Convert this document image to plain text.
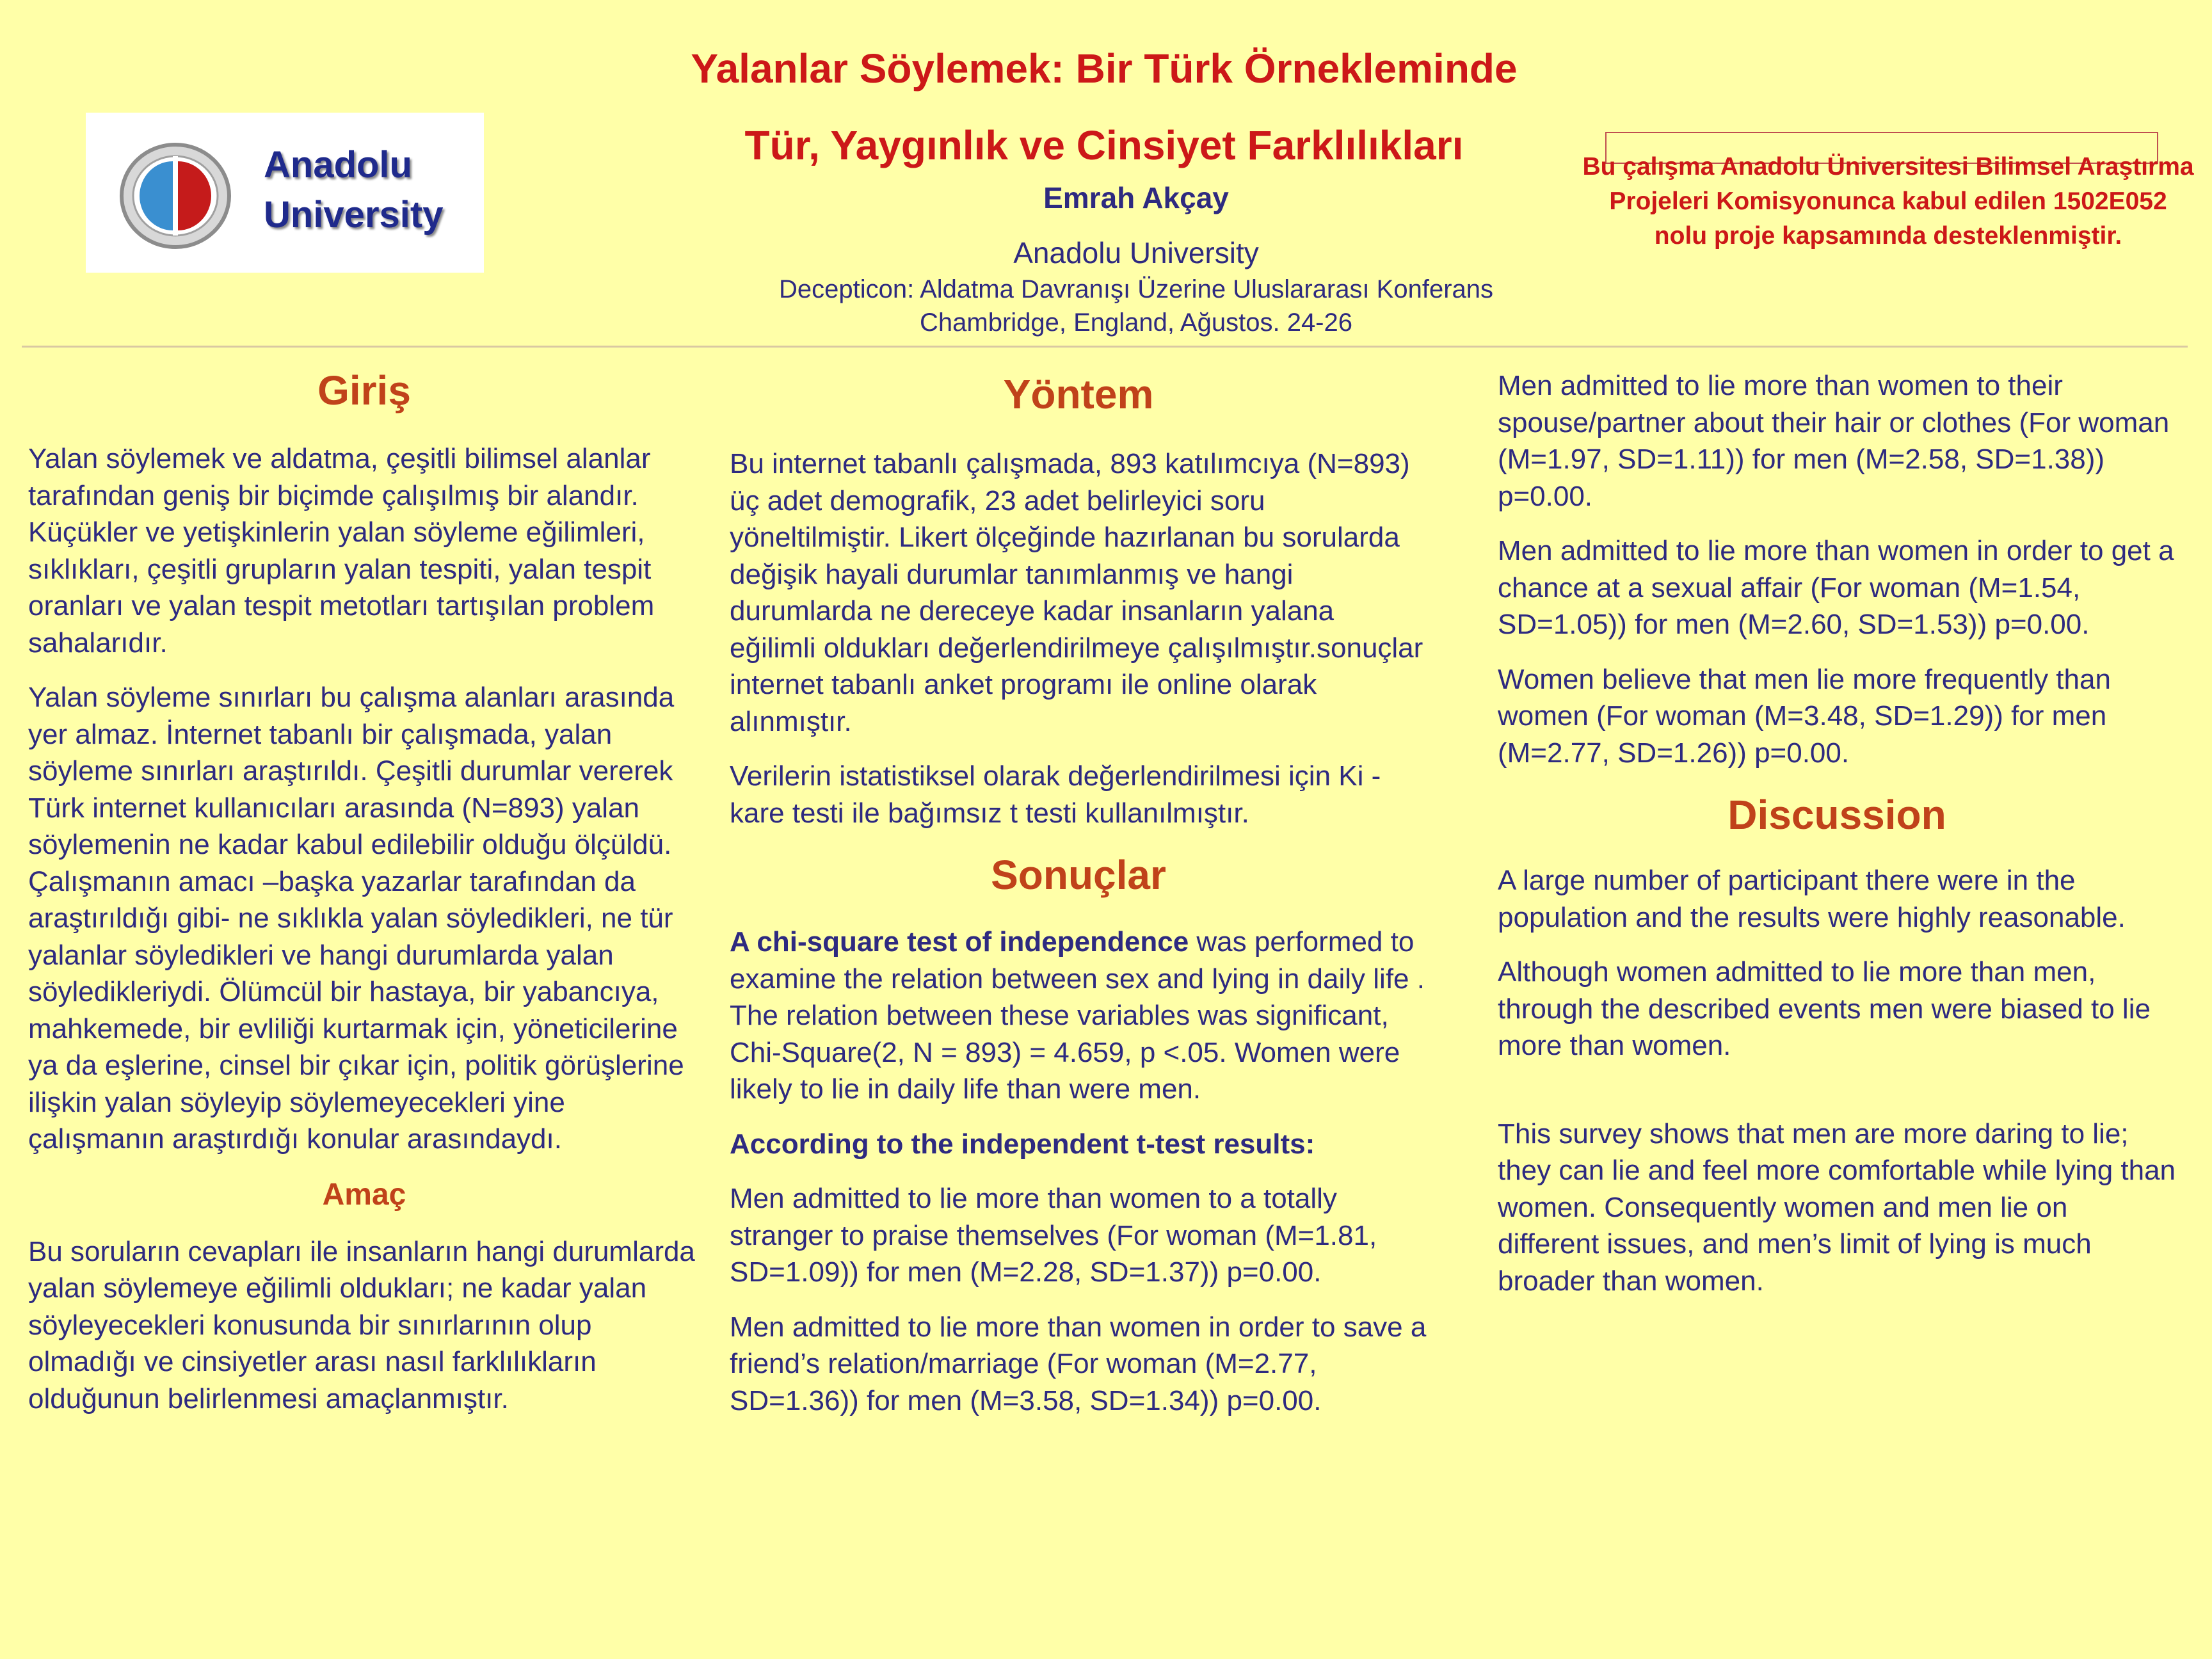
Anadolu
University
Yalanlar Söylemek: Bir Türk Örnekleminde
Tür, Yaygınlık ve Cinsiyet Farklılıkları
Emrah Akçay
Anadolu University
Decepticon: Aldatma Davranışı Üzerine Uluslararası Konferans
Chambridge, England, Ağustos. 24-26
Bu çalışma Anadolu Üniversitesi Bilimsel Araştırma Projeleri Komisyonunca kabul edilen 1502E052 nolu proje kapsamında desteklenmiştir.
Giriş

Yalan söylemek ve aldatma, çeşitli bilimsel alanlar tarafından geniş bir biçimde çalışılmış bir alandır. Küçükler ve yetişkinlerin yalan söyleme eğilimleri, sıklıkları, çeşitli grupların yalan tespiti, yalan tespit oranları ve yalan tespit metotları tartışılan problem sahalarıdır.

Yalan söyleme sınırları bu çalışma alanları arasında yer almaz. İnternet tabanlı bir çalışmada, yalan söyleme sınırları araştırıldı. Çeşitli durumlar vererek Türk internet kullanıcıları arasında (N=893) yalan söylemenin ne kadar kabul edilebilir olduğu ölçüldü. Çalışmanın amacı –başka yazarlar tarafından da araştırıldığı gibi- ne sıklıkla yalan söyledikleri, ne tür yalanlar söyledikleri ve hangi durumlarda yalan söyledikleriydi. Ölümcül bir hastaya, bir yabancıya, mahkemede, bir evliliği kurtarmak için, yöneticilerine ya da eşlerine, cinsel bir çıkar için, politik görüşlerine ilişkin yalan söyleyip söylemeyecekleri yine çalışmanın araştırdığı konular arasındaydı.

Amaç

Bu soruların cevapları ile insanların hangi durumlarda yalan söylemeye eğilimli oldukları; ne kadar yalan söyleyecekleri konusunda bir sınırlarının olup olmadığı ve cinsiyetler arası nasıl farklılıkların olduğunun belirlenmesi amaçlanmıştır.

Yöntem

Bu internet tabanlı çalışmada, 893 katılımcıya (N=893) üç adet demografik, 23 adet belirleyici soru yöneltilmiştir. Likert ölçeğinde hazırlanan bu sorularda değişik hayali durumlar tanımlanmış ve hangi durumlarda ne dereceye kadar insanların yalana eğilimli oldukları değerlendirilmeye çalışılmıştır.sonuçlar internet tabanlı anket programı ile online olarak alınmıştır.

Verilerin istatistiksel olarak değerlendirilmesi için Ki -kare testi ile bağımsız t testi kullanılmıştır.

Sonuçlar

A chi-square test of independence was performed to examine the relation between sex and lying in daily life . The relation between these variables was significant, Chi-Square(2, N = 893) = 4.659, p <.05. Women were likely to lie in daily life than were men.

According to the independent t-test results:

Men admitted to lie more than women to a totally stranger to praise themselves (For woman (M=1.81, SD=1.09)) for men (M=2.28, SD=1.37)) p=0.00.

Men admitted to lie more than women in order to save a friend’s relation/marriage (For woman (M=2.77, SD=1.36)) for men (M=3.58, SD=1.34)) p=0.00.

Men admitted to lie more than women to their spouse/partner about their hair or clothes (For woman (M=1.97, SD=1.11)) for men (M=2.58, SD=1.38)) p=0.00.

Men admitted to lie more than women in order to get a chance at a sexual affair (For woman (M=1.54, SD=1.05)) for men (M=2.60, SD=1.53)) p=0.00.

Women believe that men lie more frequently than women (For woman (M=3.48, SD=1.29)) for men (M=2.77, SD=1.26)) p=0.00.

Discussion

A large number of participant there were in the population and the results were highly reasonable.

Although women admitted to lie more than men, through the described events men were biased to lie more than women.

This survey shows that men are more daring to lie; they can lie and feel more comfortable while lying than women. Consequently women and men lie on different issues, and men’s limit of lying is much broader than women.
